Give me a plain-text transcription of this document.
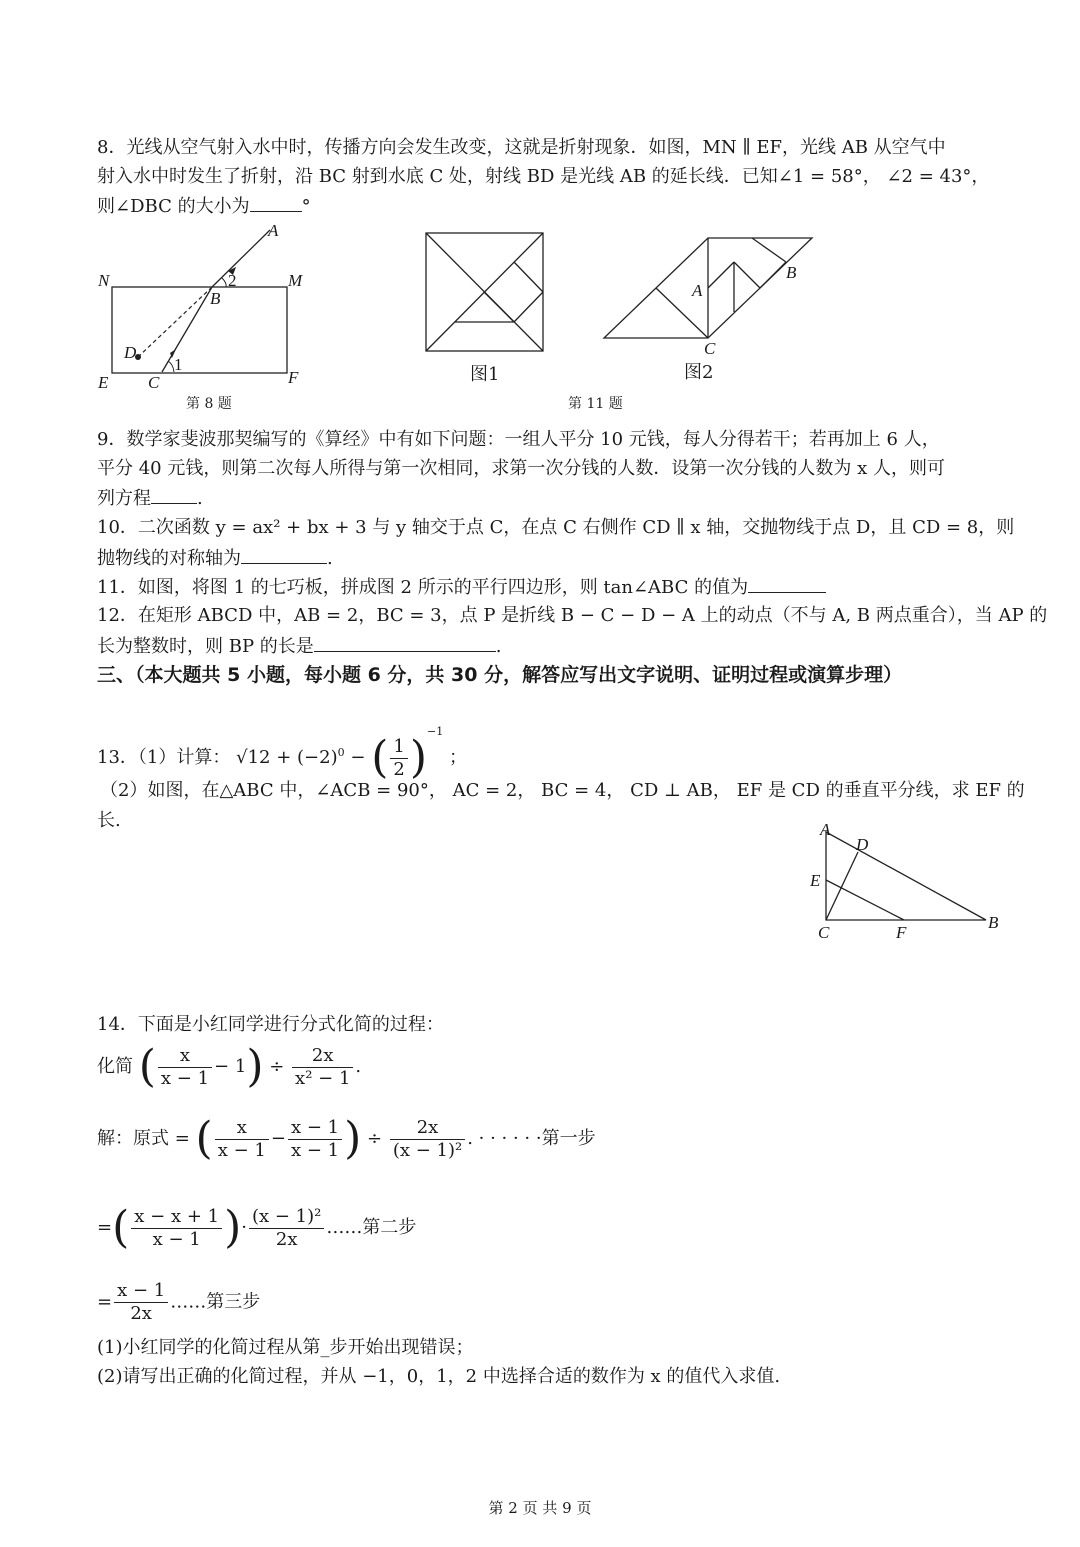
8．光线从空气射入水中时，传播方向会发生改变，这就是折射现象．如图，MN ∥ EF，光线 AB 从空气中
射入水中时发生了折射，沿 BC 射到水底 C 处，射线 BD 是光线 AB 的延长线．已知∠1 = 58°， ∠2 = 43°，
则∠DBC 的大小为	°
A
N	M
B
2
D
1
E C	F
第 8 题
图1
A
B
C
图2
第 11 题
9．数学家斐波那契编写的《算经》中有如下问题：一组人平分 10 元钱，每人分得若干；若再加上 6 人，
平分 40 元钱，则第二次每人所得与第一次相同，求第一次分钱的人数．设第一次分钱的人数为 x 人，则可
列方程	.
10．二次函数 y = ax² + bx + 3 与 y 轴交于点 C，在点 C 右侧作 CD ∥ x 轴，交抛物线于点 D，且 CD = 8，则
抛物线的对称轴为	.
11．如图，将图 1 的七巧板，拼成图 2 所示的平行四边形，则 tan∠ABC 的值为
12．在矩形 ABCD 中，AB = 2，BC = 3，点 P 是折线 B − C − D − A 上的动点（不与 A, B 两点重合），当 AP 的
长为整数时，则 BP 的长是	.
三、（本大题共 5 小题，每小题 6 分，共 30 分，解答应写出文字说明、证明过程或演算步理）
13．（1）计算： $√12 + (-2)^0$ − ( $\frac{1}{2} )^{-1}$ ；
（2）如图，在△ABC 中，∠ACB = 90°， AC = 2， BC = 4， CD ⊥ AB， EF 是 CD 的垂直平分线，求 EF 的
长.	A
D
E
C	F
B
14．下面是小红同学进行分式化简的过程：
化简 ( $\frac{x}{x - 1} - 1) \div \frac{2x}{\text{x² − 1}}$ .
解：原式 = ( $\frac{x}{x - 1} - \frac{x - 1}{x - 1}$ ) ÷ $\frac{2x}{\text{(x − 1)²}}$ . · · · · · ·第一步
=( $\frac{x - x + 1}{x - 1}$ )· $\frac{\text{(x − 1)²}}{2x}$ ……第二步
= $\frac{x - 1}{2x}$ ……第三步
(1)小红同学的化简过程从第_步开始出现错误；
(2)请写出正确的化简过程，并从 −1，0，1，2 中选择合适的数作为 x 的值代入求值.
第 2 页 共 9 页
